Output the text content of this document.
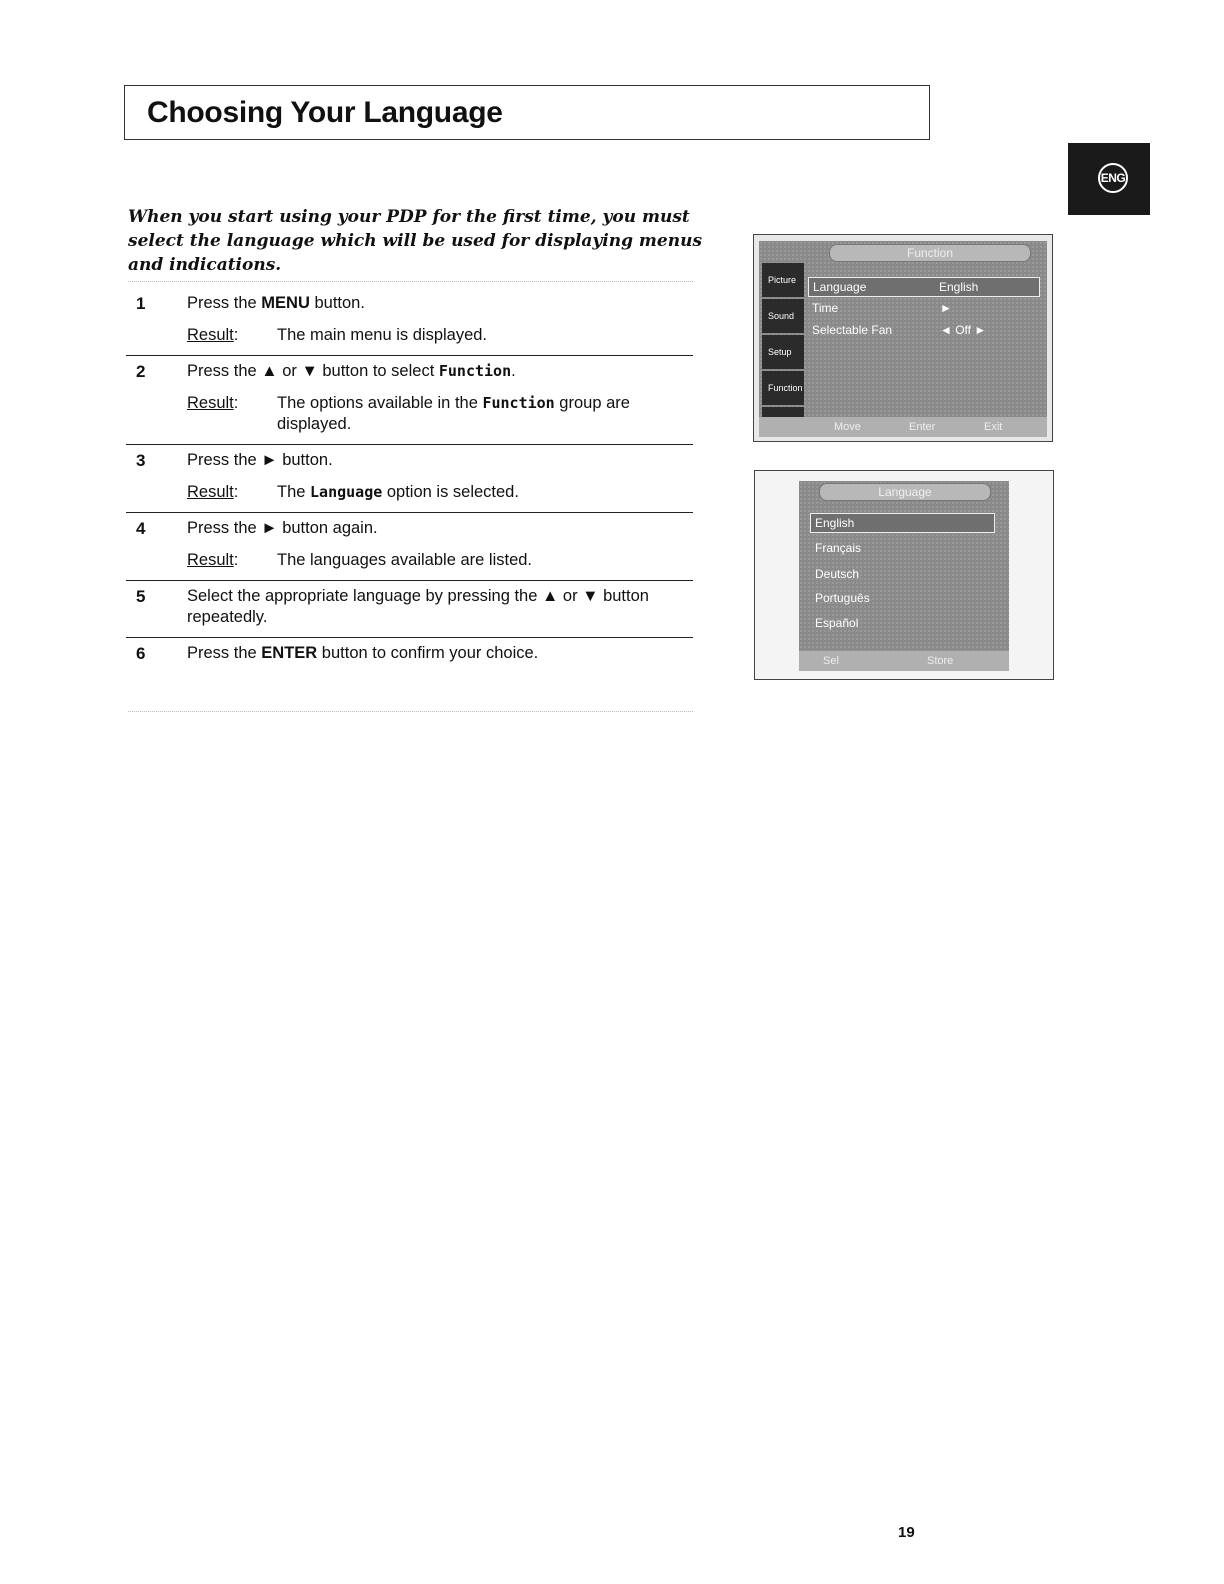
Choosing Your Language
ENG
When you start using your PDP for the first time, you must select the language which will be used for displaying menus and indications.
1	Press the MENU button.
Result:	The main menu is displayed.
2	Press the ▲ or ▼ button to select Function.
Result:	The options available in the Function group are displayed.
3	Press the ► button.
Result:	The Language option is selected.
4	Press the ► button again.
Result:	The languages available are listed.
5	Select the appropriate language by pressing the ▲ or ▼ button repeatedly.
6	Press the ENTER button to confirm your choice.
Function
Picture
Sound
Setup
Function
Language	English
Time	►
Selectable Fan	◄ Off ►
Move	Enter	Exit
Language
English
Français
Deutsch
Português
Español
Sel	Store
19
